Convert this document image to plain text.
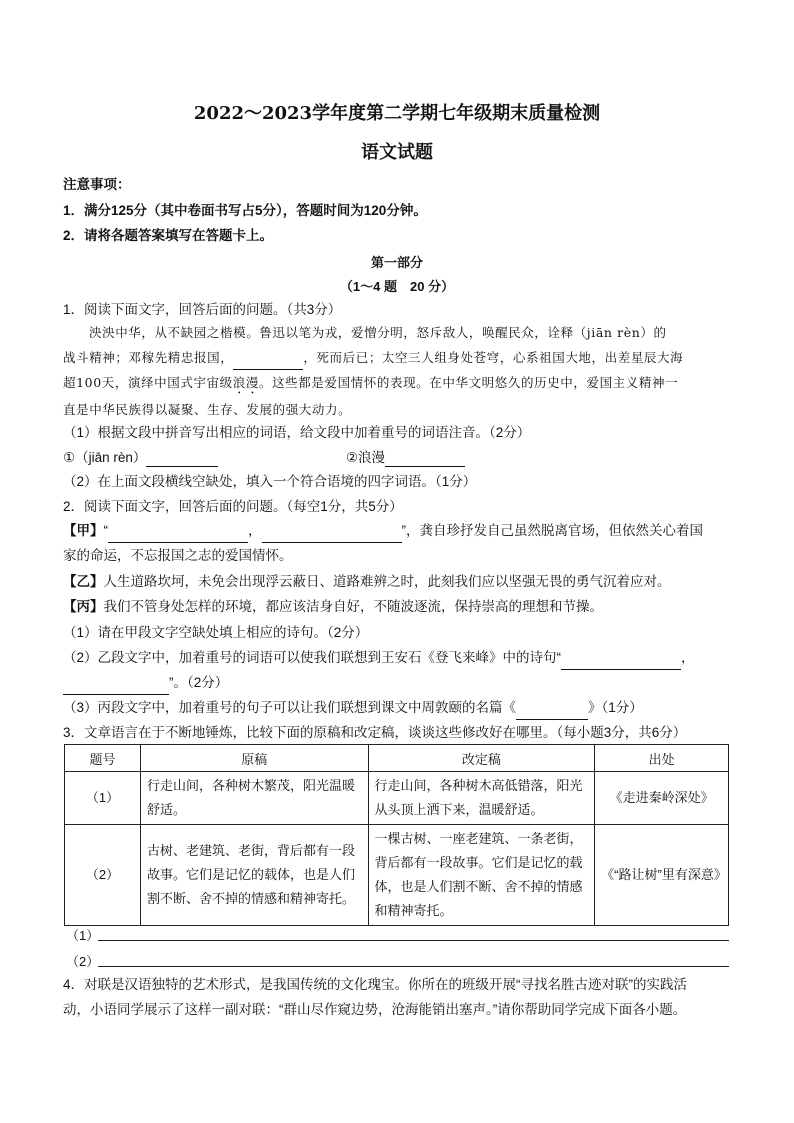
2022～2023学年度第二学期七年级期末质量检测
语文试题
注意事项：
1．满分125分（其中卷面书写占5分），答题时间为120分钟。
2．请将各题答案填写在答题卡上。
第一部分
（1～4 题　20 分）
1．阅读下面文字，回答后面的问题。（共3分）

泱泱中华，从不缺园之楷模。鲁迅以笔为戎，爱憎分明，怒斥敌人，唤醒民众，诠释（jiān rèn）的

战斗精神；邓稼先精忠报国，	，死而后已；太空三人组身处苍穹，心系祖国大地，出差星辰大海

超100天，演绎中国式宇宙级浪漫。这些都是爱国情怀的表现。在中华文明悠久的历史中，爱国主义精神一

直是中华民族得以凝聚、生存、发展的强大动力。

（1）根据文段中拼音写出相应的词语，给文段中加着重号的词语注音。（2分）
①（jiān rèn）	②浪漫
（2）在上面文段横线空缺处，填入一个符合语境的四字词语。（1分）
2．阅读下面文字，回答后面的问题。（每空1分，共5分）
【甲】“	，	”，龚自珍抒发自己虽然脱离官场，但依然关心着国
家的命运，不忘报国之志的爱国情怀。
【乙】人生道路坎坷，未免会出现浮云蔽日、道路难辨之时，此刻我们应以坚强无畏的勇气沉着应对。
【丙】我们不管身处怎样的环境，都应该洁身自好，不随波逐流，保持崇高的理想和节操。
（1）请在甲段文字空缺处填上相应的诗句。（2分）
（2）乙段文字中，加着重号的词语可以使我们联想到王安石《登飞来峰》中的诗句“	，
”。（2分）
（3）丙段文字中，加着重号的句子可以让我们联想到课文中周敦颐的名篇《	》（1分）
3．文章语言在于不断地锤炼，比较下面的原稿和改定稿，谈谈这些修改好在哪里。（每小题3分，共6分）
题号	原稿	改定稿	出处
（1）	行走山间，各种树木繁茂，阳光温暖舒适。	行走山间，各种树木高低错落，阳光从头顶上洒下来，温暖舒适。	《走进秦岭深处》
（2）	古树、老建筑、老街，背后都有一段故事。它们是记忆的载体，也是人们割不断、舍不掉的情感和精神寄托。	一棵古树、一座老建筑、一条老街，背后都有一段故事。它们是记忆的载体，也是人们割不断、舍不掉的情感和精神寄托。	《“路让树”里有深意》
（1）
（2）
4．对联是汉语独特的艺术形式，是我国传统的文化瑰宝。你所在的班级开展“寻找名胜古迹对联”的实践活
动，小语同学展示了这样一副对联：“群山尽作窥边势，沧海能销出塞声。”请你帮助同学完成下面各小题。
